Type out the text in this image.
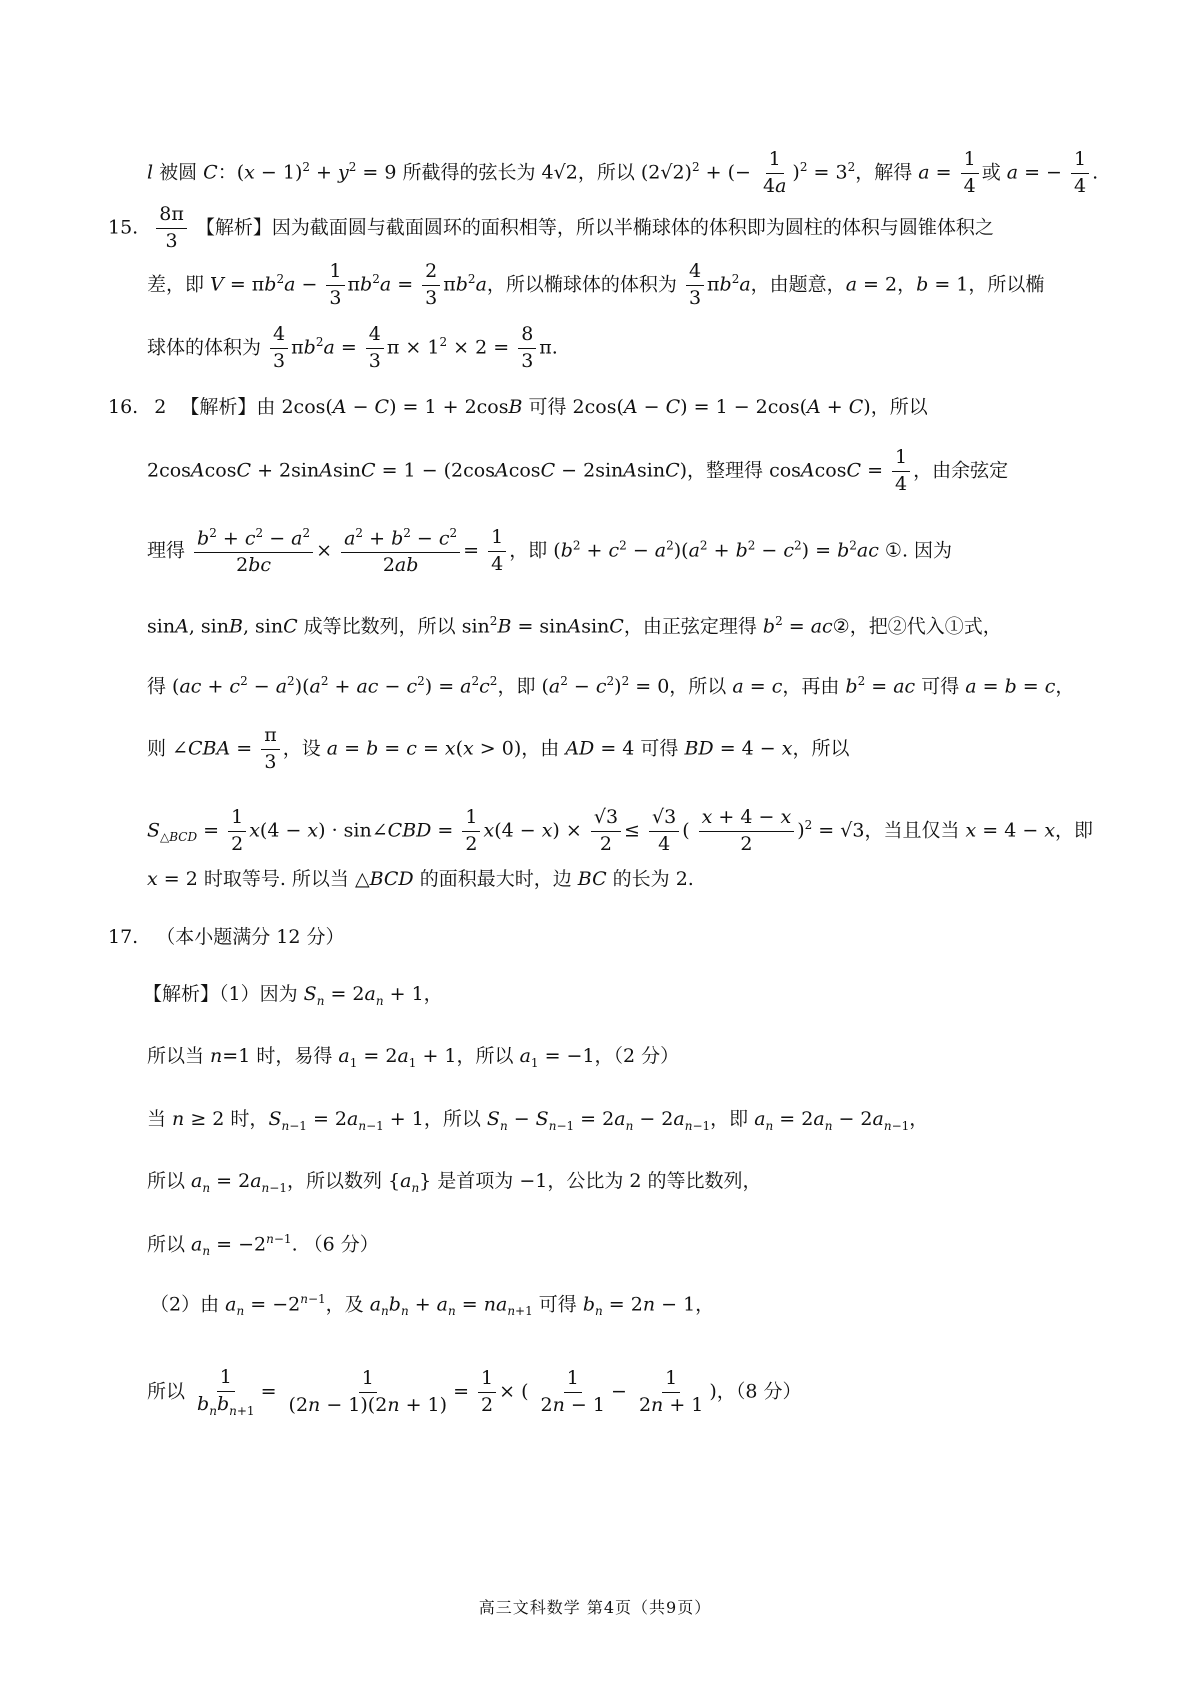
l 被圆 C：$(x - 1)^2 + y^2 = 9$ 所截得的弦长为 4√2，所以 $(2√2)^2$ + (− $\frac{1}{4a} )^2 = 3^2$，解得 $a = \frac{1}{4}$ 或 a = − $\frac{1}{4}$ .
15. $\frac{8\pi}{3}$ 【解析】因为截面圆与截面圆环的面积相等，所以半椭球体的体积即为圆柱的体积与圆锥体积之
差，即 $V = \pi b^2a - \frac{1}{3} \pi b^2a = \frac{2}{3} \pi b^2a$，所以椭球体的体积为 $\frac{4}{3} \pi b^2a$，由题意，a = 2，b = 1，所以椭
球体的体积为 $\frac{4}{3} \pi b^2a = \frac{4}{3}$ $\pi \times 1^2 \times 2 = \frac{8}{3} \pi$.
16. 2 【解析】由 2cos(A − C) = 1 + 2cosB 可得 2cos(A − C) = 1 − 2cos(A + C)，所以
2cosAcosC + 2sinAsinC = 1 − (2cosAcosC − 2sinAsinC)，整理得 cosAcosC = $\frac{1}{4}$ ，由余弦定
理得 $\frac{b^2 + c^2 - a^2}{2bc} \times \frac{a^2 + b^2 - c^2}{2ab} = \frac{1}{4}$ ，即 $(b^2 + c^2 - a^2)(a^2 + b^2 - c^2) = b^2ac$ ①. 因为
sinA, sinB, sinC 成等比数列，所以 $\sin^2B$ = sinAsinC，由正弦定理得 $b^2$ = ac②，把②代入①式，
得 $(ac + c^2 - a^2)(a^2$ + ac − $c^2) = a^2c^2$，即 $(a^2 - c^2)^2 = 0$，所以 a = c，再由 $b^2$ = ac 可得 a = b = c，
则 ∠CBA = $\frac{\pi}{3}$ ，设 a = b = c = x(x > 0)，由 AD = 4 可得 BD = 4 − x，所以
$S_{\triangle BCD} = \frac{1}{2} x(4 - x)$ · sin∠CBD = $\frac{1}{2} x(4 - x) \times \frac{√3}{2} \le \frac{√3}{4}$ ( $\frac{x + 4 - x}{2} )^2 = √3$，当且仅当 x = 4 − x，即
x = 2 时取等号. 所以当 △BCD 的面积最大时，边 BC 的长为 2.
17. （本小题满分 12 分）
【解析】（1）因为 $S_n = 2a_n + 1$，
所以当 n=1 时，易得 $a_1 = 2a_1 + 1$，所以 $a_1 = -1$，（2 分）
当 n ≥ 2 时，$S_{n-1} = 2a_{n-1} + 1$，所以 $S_n - S_{n-1} = 2a_n - 2a_{n-1}$，即 $a_n = 2a_n - 2a_{n-1}$，
所以 $a_n = 2a_{n-1}$，所以数列 $\{a_n\}$ 是首项为 −1，公比为 2 的等比数列，
所以 $a_n = -2^{n-1}$. （6 分）
（2）由 $a_n = -2^{n-1}$，及 $a_nb_n + a_n = na_{n+1}$ 可得 $b_n = 2n - 1$，
所以 $\frac{1}{b_nb_{n+1}} = \frac{1}{(2n - 1)(2n + 1)} = \frac{1}{2}$ × ( $\frac{1}{2n - 1} - \frac{1}{2n + 1}$ )，（8 分）
高三文科数学 第4页（共9页）
